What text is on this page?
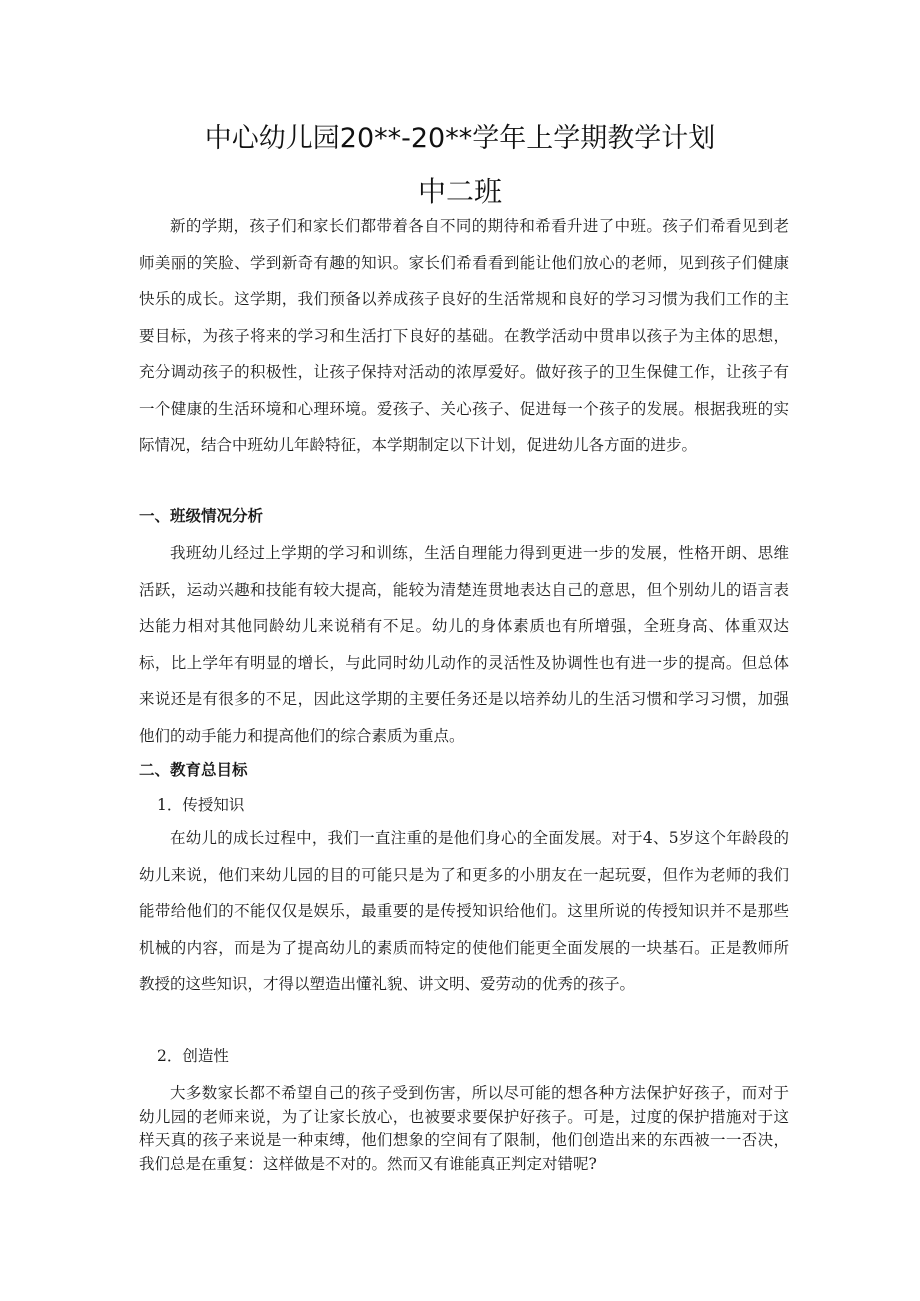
中心幼儿园20**-20**学年上学期教学计划
中二班

新的学期，孩子们和家长们都带着各自不同的期待和希看升进了中班。孩子们希看见到老师美丽的笑脸、学到新奇有趣的知识。家长们希看看到能让他们放心的老师，见到孩子们健康快乐的成长。这学期，我们预备以养成孩子良好的生活常规和良好的学习习惯为我们工作的主要目标，为孩子将来的学习和生活打下良好的基础。在教学活动中贯串以孩子为主体的思想，充分调动孩子的积极性，让孩子保持对活动的浓厚爱好。做好孩子的卫生保健工作，让孩子有一个健康的生活环境和心理环境。爱孩子、关心孩子、促进每一个孩子的发展。根据我班的实际情况，结合中班幼儿年龄特征，本学期制定以下计划，促进幼儿各方面的进步。

一、班级情况分析

我班幼儿经过上学期的学习和训练，生活自理能力得到更进一步的发展，性格开朗、思维活跃，运动兴趣和技能有较大提高，能较为清楚连贯地表达自己的意思，但个别幼儿的语言表达能力相对其他同龄幼儿来说稍有不足。幼儿的身体素质也有所增强，全班身高、体重双达标，比上学年有明显的增长，与此同时幼儿动作的灵活性及协调性也有进一步的提高。但总体来说还是有很多的不足，因此这学期的主要任务还是以培养幼儿的生活习惯和学习习惯，加强他们的动手能力和提高他们的综合素质为重点。

二、教育总目标
1．传授知识

在幼儿的成长过程中，我们一直注重的是他们身心的全面发展。对于4、5岁这个年龄段的幼儿来说，他们来幼儿园的目的可能只是为了和更多的小朋友在一起玩耍，但作为老师的我们能带给他们的不能仅仅是娱乐，最重要的是传授知识给他们。这里所说的传授知识并不是那些机械的内容，而是为了提高幼儿的素质而特定的使他们能更全面发展的一块基石。正是教师所教授的这些知识，才得以塑造出懂礼貌、讲文明、爱劳动的优秀的孩子。

2．创造性

大多数家长都不希望自己的孩子受到伤害，所以尽可能的想各种方法保护好孩子，而对于幼儿园的老师来说，为了让家长放心，也被要求要保护好孩子。可是，过度的保护措施对于这样天真的孩子来说是一种束缚，他们想象的空间有了限制，他们创造出来的东西被一一否决，我们总是在重复：这样做是不对的。然而又有谁能真正判定对错呢?
